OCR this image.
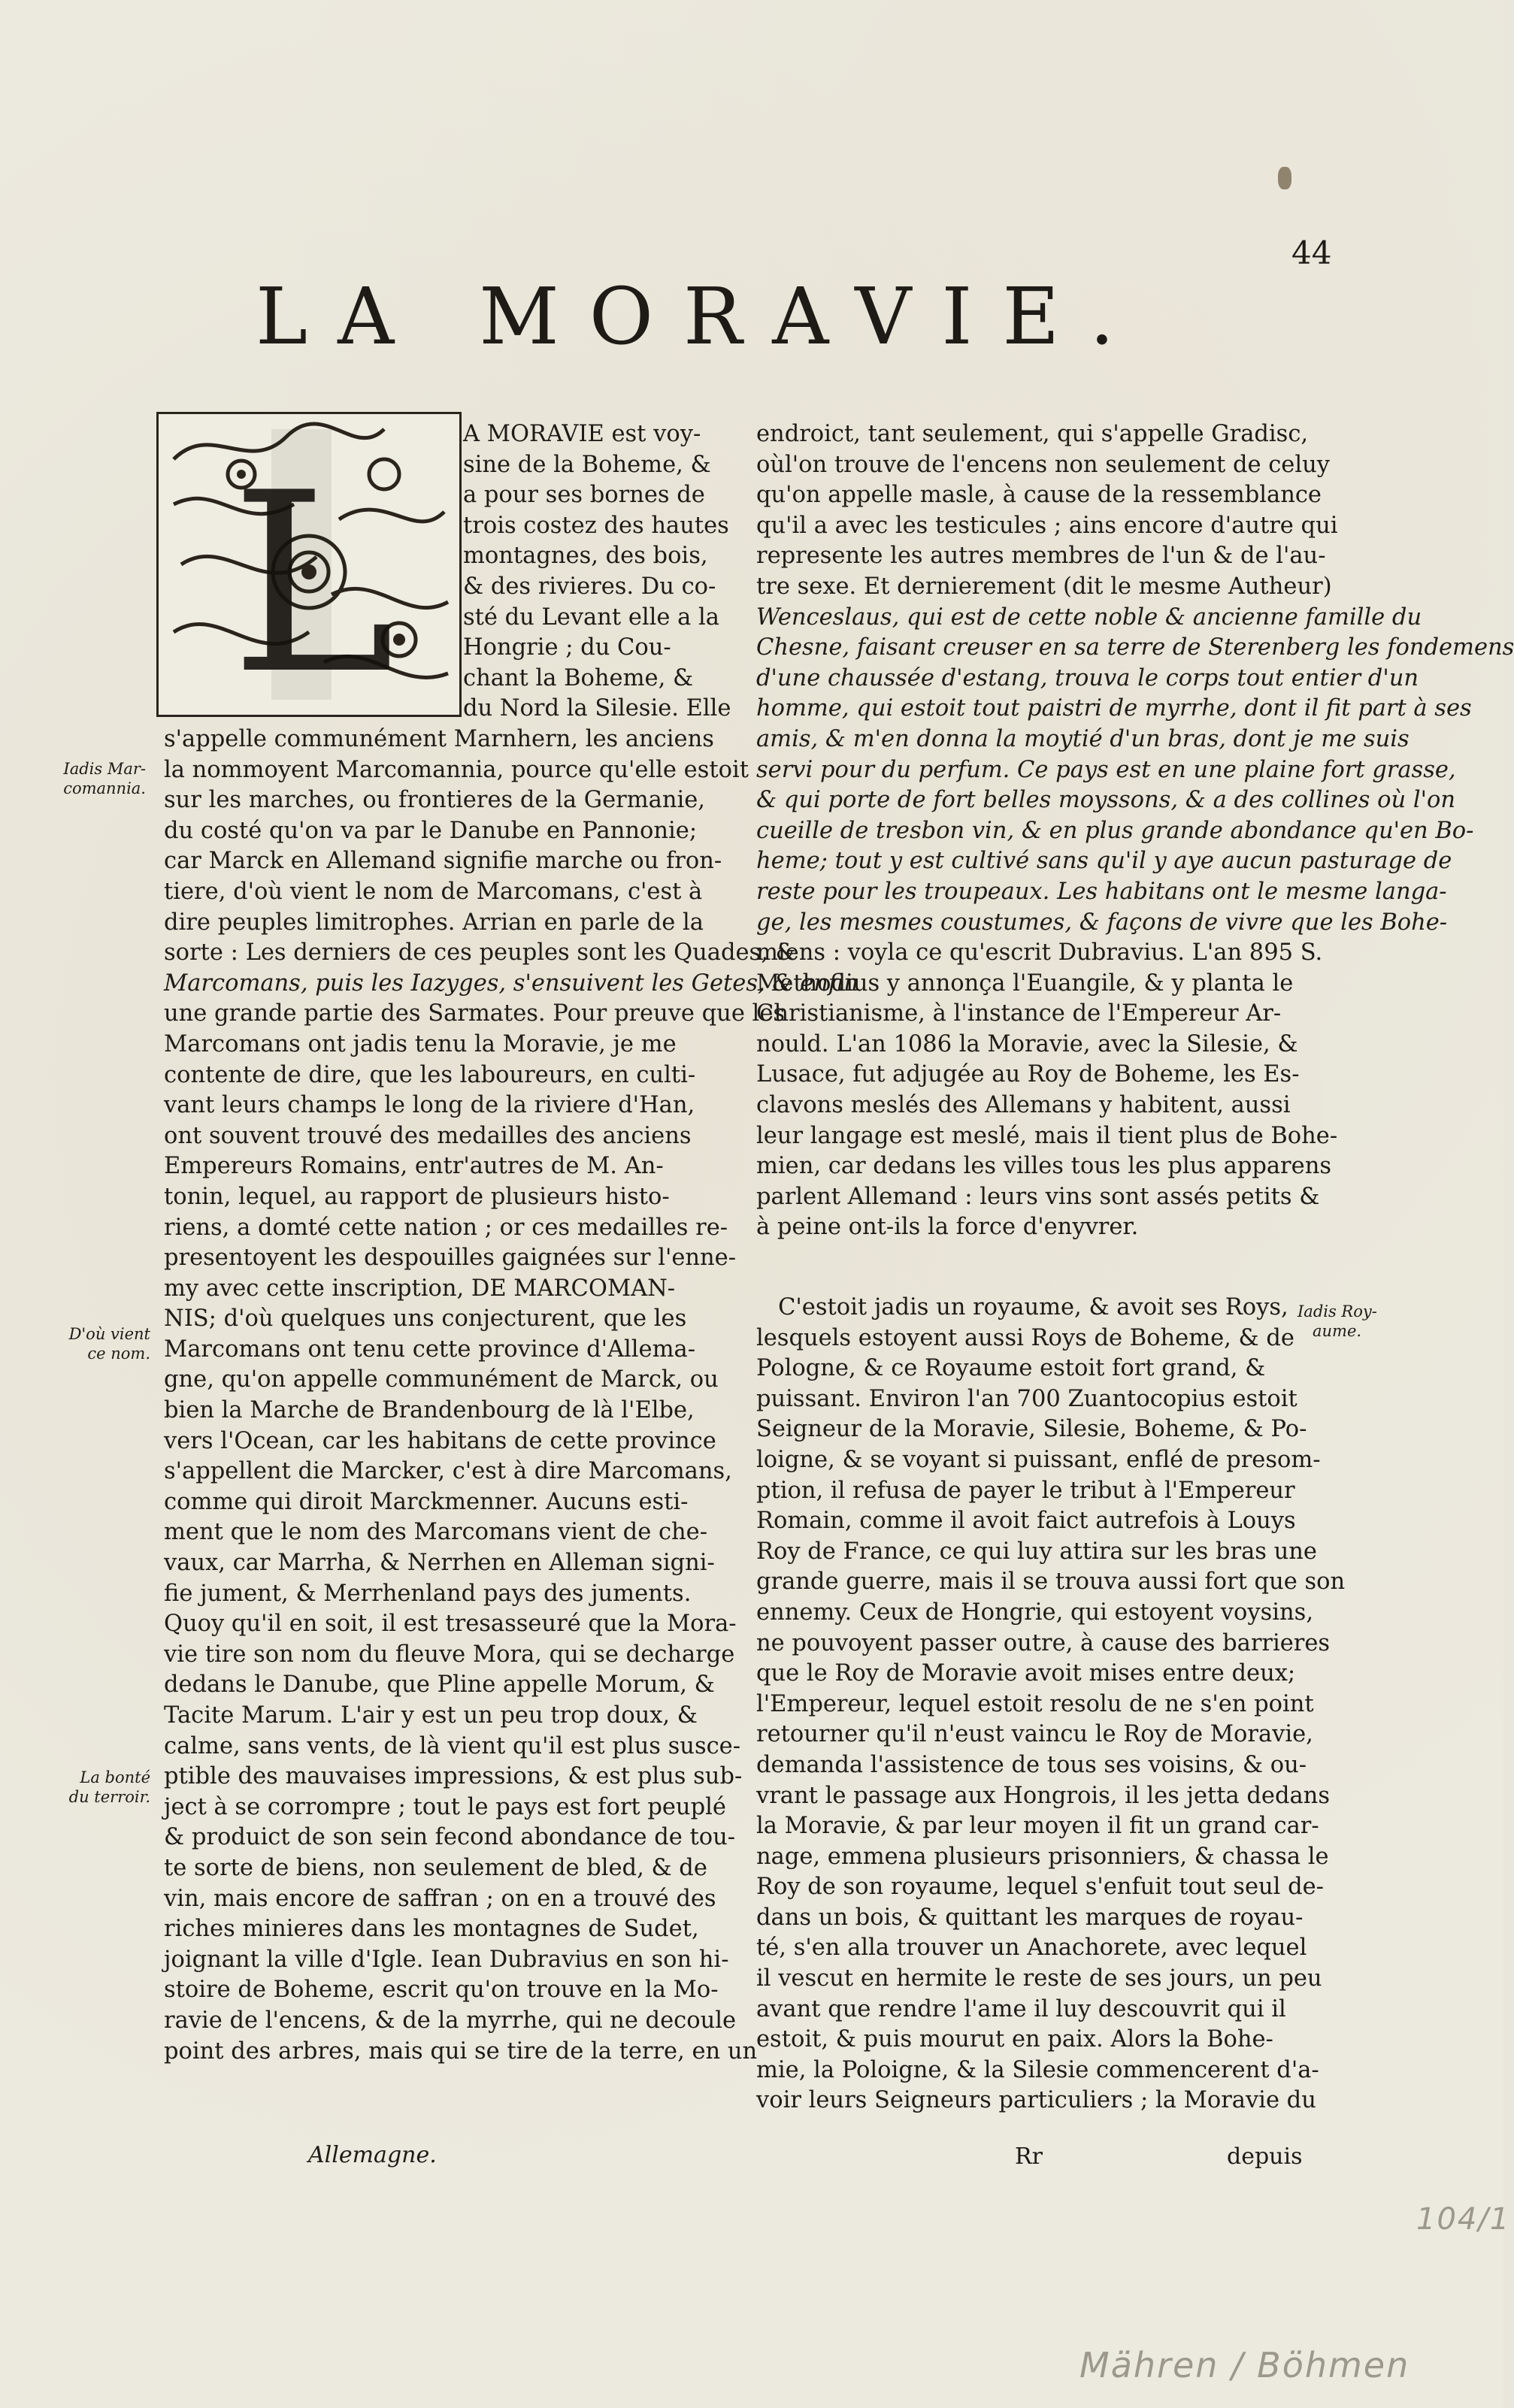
44
LA MORAVIE.
L
A MORAVIE est voy-
sine de la Boheme, &
a pour ses bornes de
trois costez des hautes
montagnes, des bois,
& des rivieres. Du co-
sté du Levant elle a la
Hongrie ; du Cou-
chant la Boheme, &
du Nord la Silesie. Elle
s'appelle communément Marnhern, les anciens
la nommoyent Marcomannia, pource qu'elle estoit
sur les marches, ou frontieres de la Germanie,
du costé qu'on va par le Danube en Pannonie;
car Marck en Allemand signifie marche ou fron-
tiere, d'où vient le nom de Marcomans, c'est à
dire peuples limitrophes. Arrian en parle de la
sorte : Les derniers de ces peuples sont les Quades, &
Marcomans, puis les Iazyges, s'ensuivent les Getes, & enfin
une grande partie des Sarmates. Pour preuve que les
Marcomans ont jadis tenu la Moravie, je me
contente de dire, que les laboureurs, en culti-
vant leurs champs le long de la riviere d'Han,
ont souvent trouvé des medailles des anciens
Empereurs Romains, entr'autres de M. An-
tonin, lequel, au rapport de plusieurs histo-
riens, a domté cette nation ; or ces medailles re-
presentoyent les despouilles gaignées sur l'enne-
my avec cette inscription, DE MARCOMAN-
NIS; d'où quelques uns conjecturent, que les
Marcomans ont tenu cette province d'Allema-
gne, qu'on appelle communément de Marck, ou
bien la Marche de Brandenbourg de là l'Elbe,
vers l'Ocean, car les habitans de cette province
s'appellent die Marcker, c'est à dire Marcomans,
comme qui diroit Marckmenner. Aucuns esti-
ment que le nom des Marcomans vient de che-
vaux, car Marrha, & Nerrhen en Alleman signi-
fie jument, & Merrhenland pays des juments.
Quoy qu'il en soit, il est tresasseuré que la Mora-
vie tire son nom du fleuve Mora, qui se decharge
dedans le Danube, que Pline appelle Morum, &
Tacite Marum. L'air y est un peu trop doux, &
calme, sans vents, de là vient qu'il est plus susce-
ptible des mauvaises impressions, & est plus sub-
ject à se corrompre ; tout le pays est fort peuplé
& produict de son sein fecond abondance de tou-
te sorte de biens, non seulement de bled, & de
vin, mais encore de saffran ; on en a trouvé des
riches minieres dans les montagnes de Sudet,
joignant la ville d'Igle. Iean Dubravius en son hi-
stoire de Boheme, escrit qu'on trouve en la Mo-
ravie de l'encens, & de la myrrhe, qui ne decoule
point des arbres, mais qui se tire de la terre, en un
Allemagne.
endroict, tant seulement, qui s'appelle Gradisc,
oùl'on trouve de l'encens non seulement de celuy
qu'on appelle masle, à cause de la ressemblance
qu'il a avec les testicules ; ains encore d'autre qui
represente les autres membres de l'un & de l'au-
tre sexe. Et dernierement (dit le mesme Autheur)
Wenceslaus, qui est de cette noble & ancienne famille du
Chesne, faisant creuser en sa terre de Sterenberg les fondemens
d'une chaussée d'estang, trouva le corps tout entier d'un
homme, qui estoit tout paistri de myrrhe, dont il fit part à ses
amis, & m'en donna la moytié d'un bras, dont je me suis
servi pour du perfum. Ce pays est en une plaine fort grasse,
& qui porte de fort belles moyssons, & a des collines où l'on
cueille de tresbon vin, & en plus grande abondance qu'en Bo-
heme; tout y est cultivé sans qu'il y aye aucun pasturage de
reste pour les troupeaux. Les habitans ont le mesme langa-
ge, les mesmes coustumes, & façons de vivre que les Bohe-
miens : voyla ce qu'escrit Dubravius. L'an 895 S.
Methodius y annonça l'Euangile, & y planta le
Christianisme, à l'instance de l'Empereur Ar-
nould. L'an 1086 la Moravie, avec la Silesie, &
Lusace, fut adjugée au Roy de Boheme, les Es-
clavons meslés des Allemans y habitent, aussi
leur langage est meslé, mais il tient plus de Bohe-
mien, car dedans les villes tous les plus apparens
parlent Allemand : leurs vins sont assés petits &
à peine ont-ils la force d'enyvrer.
C'estoit jadis un royaume, & avoit ses Roys,
lesquels estoyent aussi Roys de Boheme, & de
Pologne, & ce Royaume estoit fort grand, &
puissant. Environ l'an 700 Zuantocopius estoit
Seigneur de la Moravie, Silesie, Boheme, & Po-
loigne, & se voyant si puissant, enflé de presom-
ption, il refusa de payer le tribut à l'Empereur
Romain, comme il avoit faict autrefois à Louys
Roy de France, ce qui luy attira sur les bras une
grande guerre, mais il se trouva aussi fort que son
ennemy. Ceux de Hongrie, qui estoyent voysins,
ne pouvoyent passer outre, à cause des barrieres
que le Roy de Moravie avoit mises entre deux;
l'Empereur, lequel estoit resolu de ne s'en point
retourner qu'il n'eust vaincu le Roy de Moravie,
demanda l'assistence de tous ses voisins, & ou-
vrant le passage aux Hongrois, il les jetta dedans
la Moravie, & par leur moyen il fit un grand car-
nage, emmena plusieurs prisonniers, & chassa le
Roy de son royaume, lequel s'enfuit tout seul de-
dans un bois, & quittant les marques de royau-
té, s'en alla trouver un Anachorete, avec lequel
il vescut en hermite le reste de ses jours, un peu
avant que rendre l'ame il luy descouvrit qui il
estoit, & puis mourut en paix. Alors la Bohe-
mie, la Poloigne, & la Silesie commencerent d'a-
voir leurs Seigneurs particuliers ; la Moravie du
Rr	depuis
Iadis Mar-
comannia.
D'où vient
ce nom.
La bonté
du terroir.
Iadis Roy-
aume.
104/1
Mähren / Böhmen
